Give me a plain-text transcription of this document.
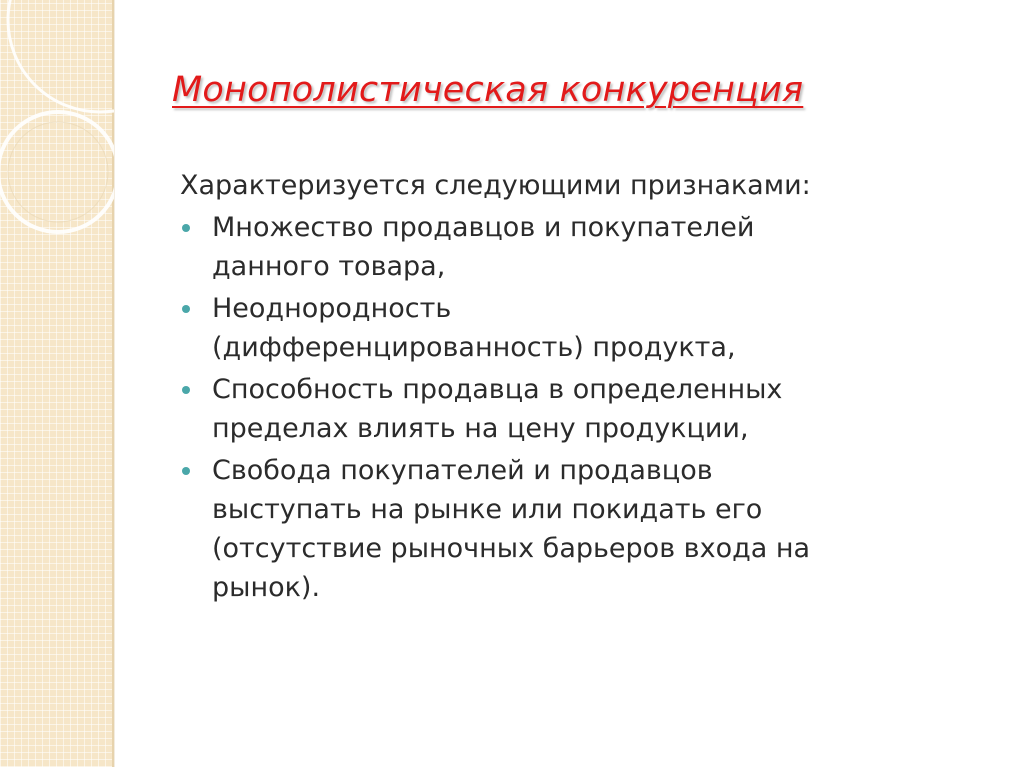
Монополистическая конкуренция

Характеризуется следующими признаками:

Множество продавцов и покупателей
данного товара,
Неоднородность
(дифференцированность) продукта,
Способность продавца в определенных
пределах влиять на цену продукции,
Свобода покупателей и продавцов
выступать на рынке или покидать его
(отсутствие рыночных барьеров входа на
рынок).
